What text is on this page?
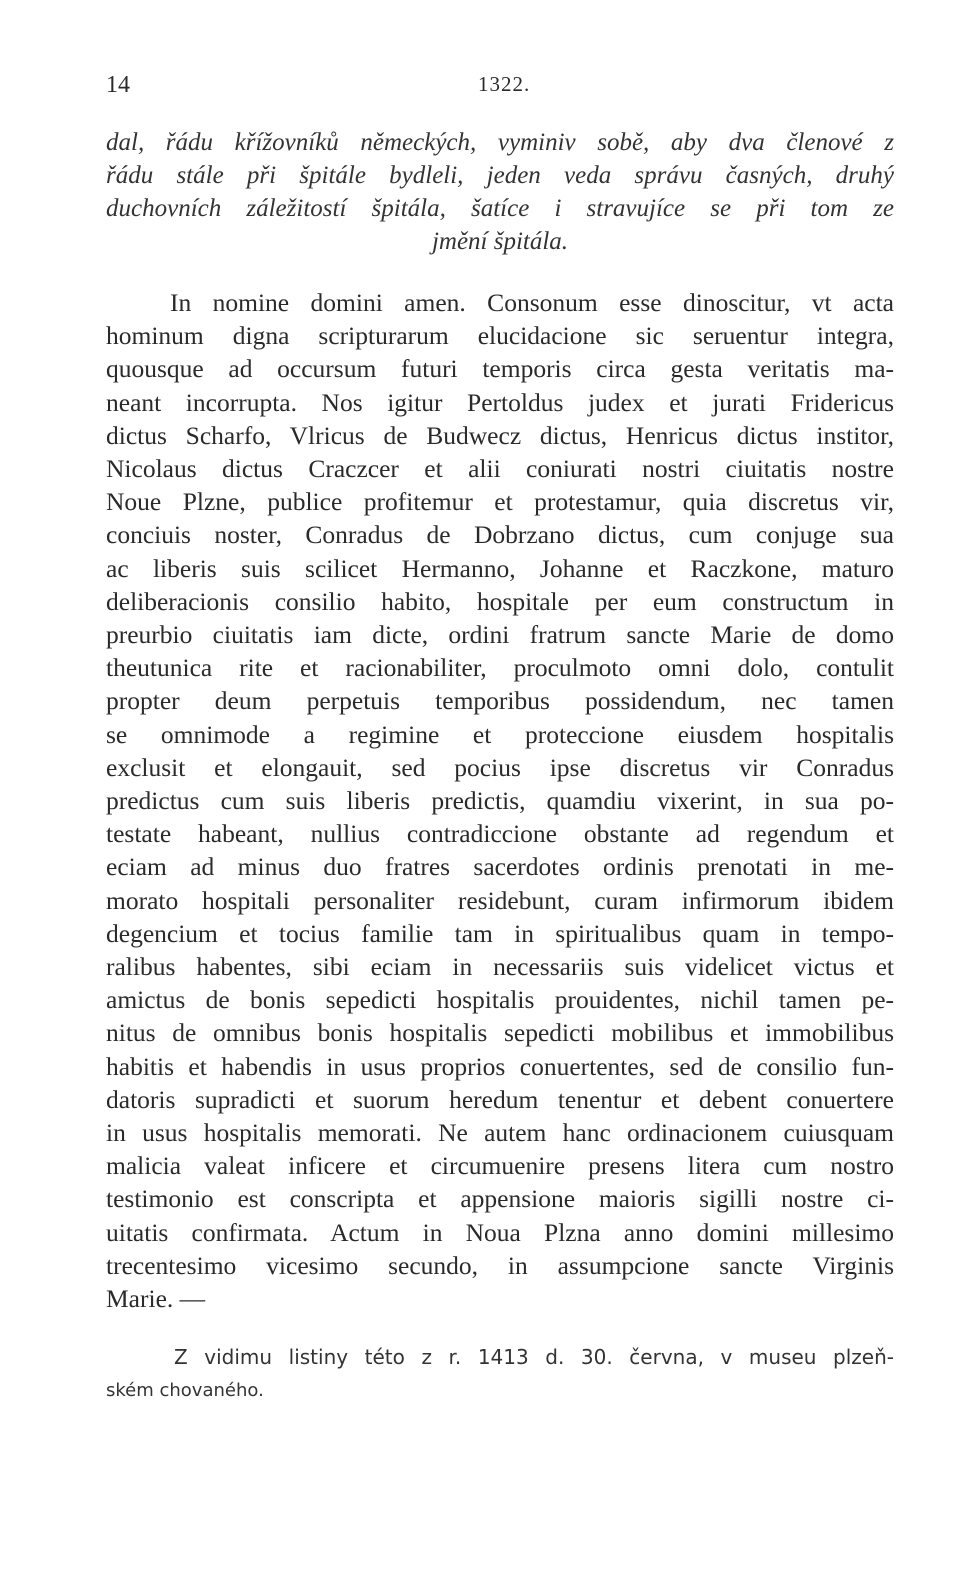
14	1322.
dal, řádu křížovníků německých, vyminiv sobě, aby dva členové z
řádu stále při špitále bydleli, jeden veda správu časných, druhý
duchovních záležitostí špitála, šatíce i stravujíce se při tom ze
jmění špitála.
In nomine domini amen. Consonum esse dinoscitur, vt acta
hominum digna scripturarum elucidacione sic seruentur integra,
quousque ad occursum futuri temporis circa gesta veritatis ma-
neant incorrupta. Nos igitur Pertoldus judex et jurati Fridericus
dictus Scharfo, Vlricus de Budwecz dictus, Henricus dictus institor,
Nicolaus dictus Craczcer et alii coniurati nostri ciuitatis nostre
Noue Plzne, publice profitemur et protestamur, quia discretus vir,
conciuis noster, Conradus de Dobrzano dictus, cum conjuge sua
ac liberis suis scilicet Hermanno, Johanne et Raczkone, maturo
deliberacionis consilio habito, hospitale per eum constructum in
preurbio ciuitatis iam dicte, ordini fratrum sancte Marie de domo
theutunica rite et racionabiliter, proculmoto omni dolo, contulit
propter deum perpetuis temporibus possidendum, nec tamen
se omnimode a regimine et proteccione eiusdem hospitalis
exclusit et elongauit, sed pocius ipse discretus vir Conradus
predictus cum suis liberis predictis, quamdiu vixerint, in sua po-
testate habeant, nullius contradiccione obstante ad regendum et
eciam ad minus duo fratres sacerdotes ordinis prenotati in me-
morato hospitali personaliter residebunt, curam infirmorum ibidem
degencium et tocius familie tam in spiritualibus quam in tempo-
ralibus habentes, sibi eciam in necessariis suis videlicet victus et
amictus de bonis sepedicti hospitalis prouidentes, nichil tamen pe-
nitus de omnibus bonis hospitalis sepedicti mobilibus et immobilibus
habitis et habendis in usus proprios conuertentes, sed de consilio fun-
datoris supradicti et suorum heredum tenentur et debent conuertere
in usus hospitalis memorati. Ne autem hanc ordinacionem cuiusquam
malicia valeat inficere et circumuenire presens litera cum nostro
testimonio est conscripta et appensione maioris sigilli nostre ci-
uitatis confirmata. Actum in Noua Plzna anno domini millesimo
trecentesimo vicesimo secundo, in assumpcione sancte Virginis
Marie. —
Z vidimu listiny této z r. 1413 d. 30. června, v museu plzeň-
ském chovaného.
